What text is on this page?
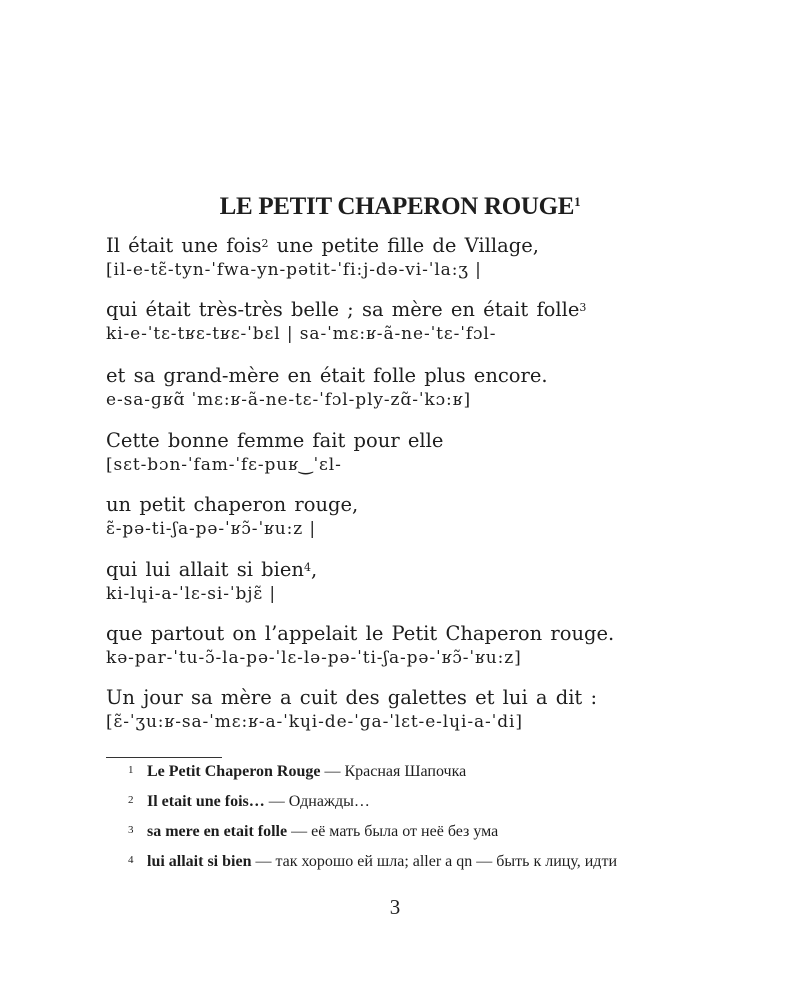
LE PETIT CHAPERON ROUGE$^1$
Il était une fois$^2$ une petite fille de Village,
[il-e-tɛ̃-tyn-ˈfwa-yn-pətit-ˈfi:j-də-vi-ˈla:ʒ |
qui était très-très belle ; sa mère en était folle$^3$
ki-e-ˈtɛ-tʁɛ-tʁɛ-ˈbɛl | sa-ˈmɛ:ʁ-ã-ne-ˈtɛ-ˈfɔl-
et sa grand-mère en était folle plus encore.
e-sa-ɡʁɑ̃ ˈmɛ:ʁ-ã-ne-tɛ-ˈfɔl-ply-zɑ̃-ˈkɔ:ʁ]
Cette bonne femme fait pour elle
[sɛt-bɔn-ˈfam-ˈfɛ-puʁ‿ˈɛl-
un petit chaperon rouge,
ɛ̃-pə-ti-ʃa-pə-ˈʁɔ̃-ˈʁu:z |
qui lui allait si bien$^4$,
ki-lɥi-a-ˈlɛ-si-ˈbjɛ̃ |
que partout on l’appelait le Petit Chaperon rouge.
kə-par-ˈtu-ɔ̃-la-pə-ˈlɛ-lə-pə-ˈti-ʃa-pə-ˈʁɔ̃-ˈʁu:z]
Un jour sa mère a cuit des galettes et lui a dit :
[ɛ̃-ˈʒu:ʁ-sa-ˈmɛ:ʁ-a-ˈkɥi-de-ˈɡa-ˈlɛt-e-lɥi-a-ˈdi]
1 Le Petit Chaperon Rouge — Красная Шапочка
2 Il etait une fois… — Однажды…
3 sa mere en etait folle — её мать была от неё без ума
4 lui allait si bien — так хорошо ей шла; aller a qn — быть к лицу, идти
3
